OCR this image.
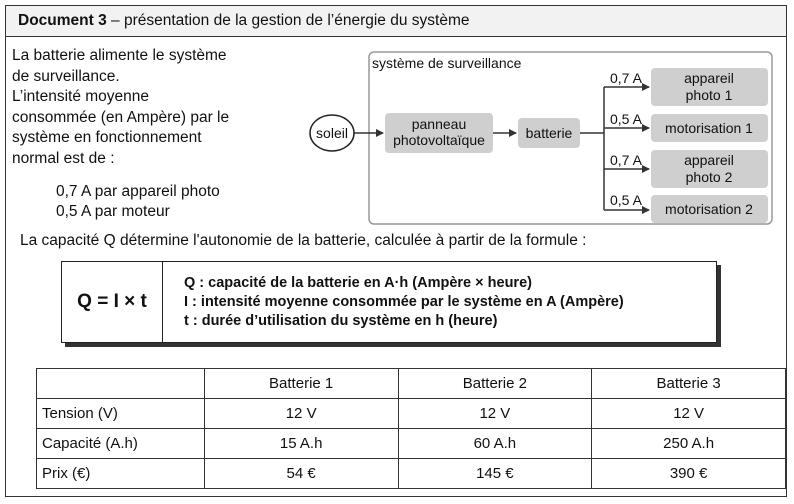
Document 3 – présentation de la gestion de l’énergie du système
La batterie alimente le système
de surveillance.
L’intensité moyenne
consommée (en Ampère) par le
système en fonctionnement
normal est de :
0,7 A par appareil photo
0,5 A par moteur
système de surveillance
soleil
panneau
photovoltaïque	batterie
0,7 A	appareil
photo 1
0,5 A
motorisation 1
0,7 A	appareil
photo 2
0,5 A
motorisation 2
La capacité Q détermine l'autonomie de la batterie, calculée à partir de la formule :
Q = I × t
Q : capacité de la batterie en A·h (Ampère × heure)
I : intensité moyenne consommée par le système en A (Ampère)
t : durée d’utilisation du système en h (heure)
	Batterie 1	Batterie 2	Batterie 3
Tension (V)	12 V	12 V	12 V
Capacité (A.h)	15 A.h	60 A.h	250 A.h
Prix (€)	54 €	145 €	390 €
